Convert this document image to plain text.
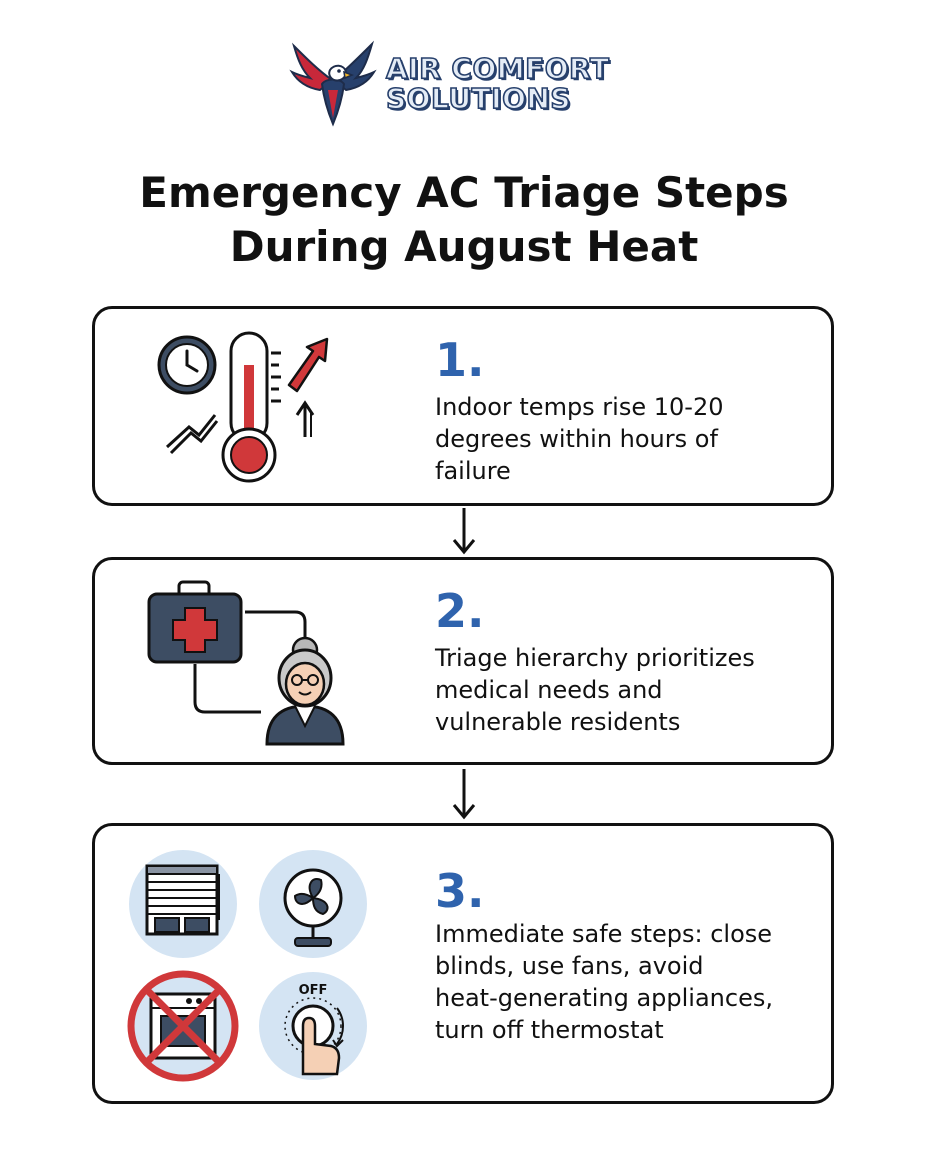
AIR COMFORT
SOLUTIONS
Emergency AC Triage Steps
During August Heat
1.
Indoor temps rise 10-20
degrees within hours of
failure
2.
Triage hierarchy prioritizes
medical needs and
vulnerable residents
OFF
3.
Immediate safe steps: close
blinds, use fans, avoid
heat-generating appliances,
turn off thermostat
